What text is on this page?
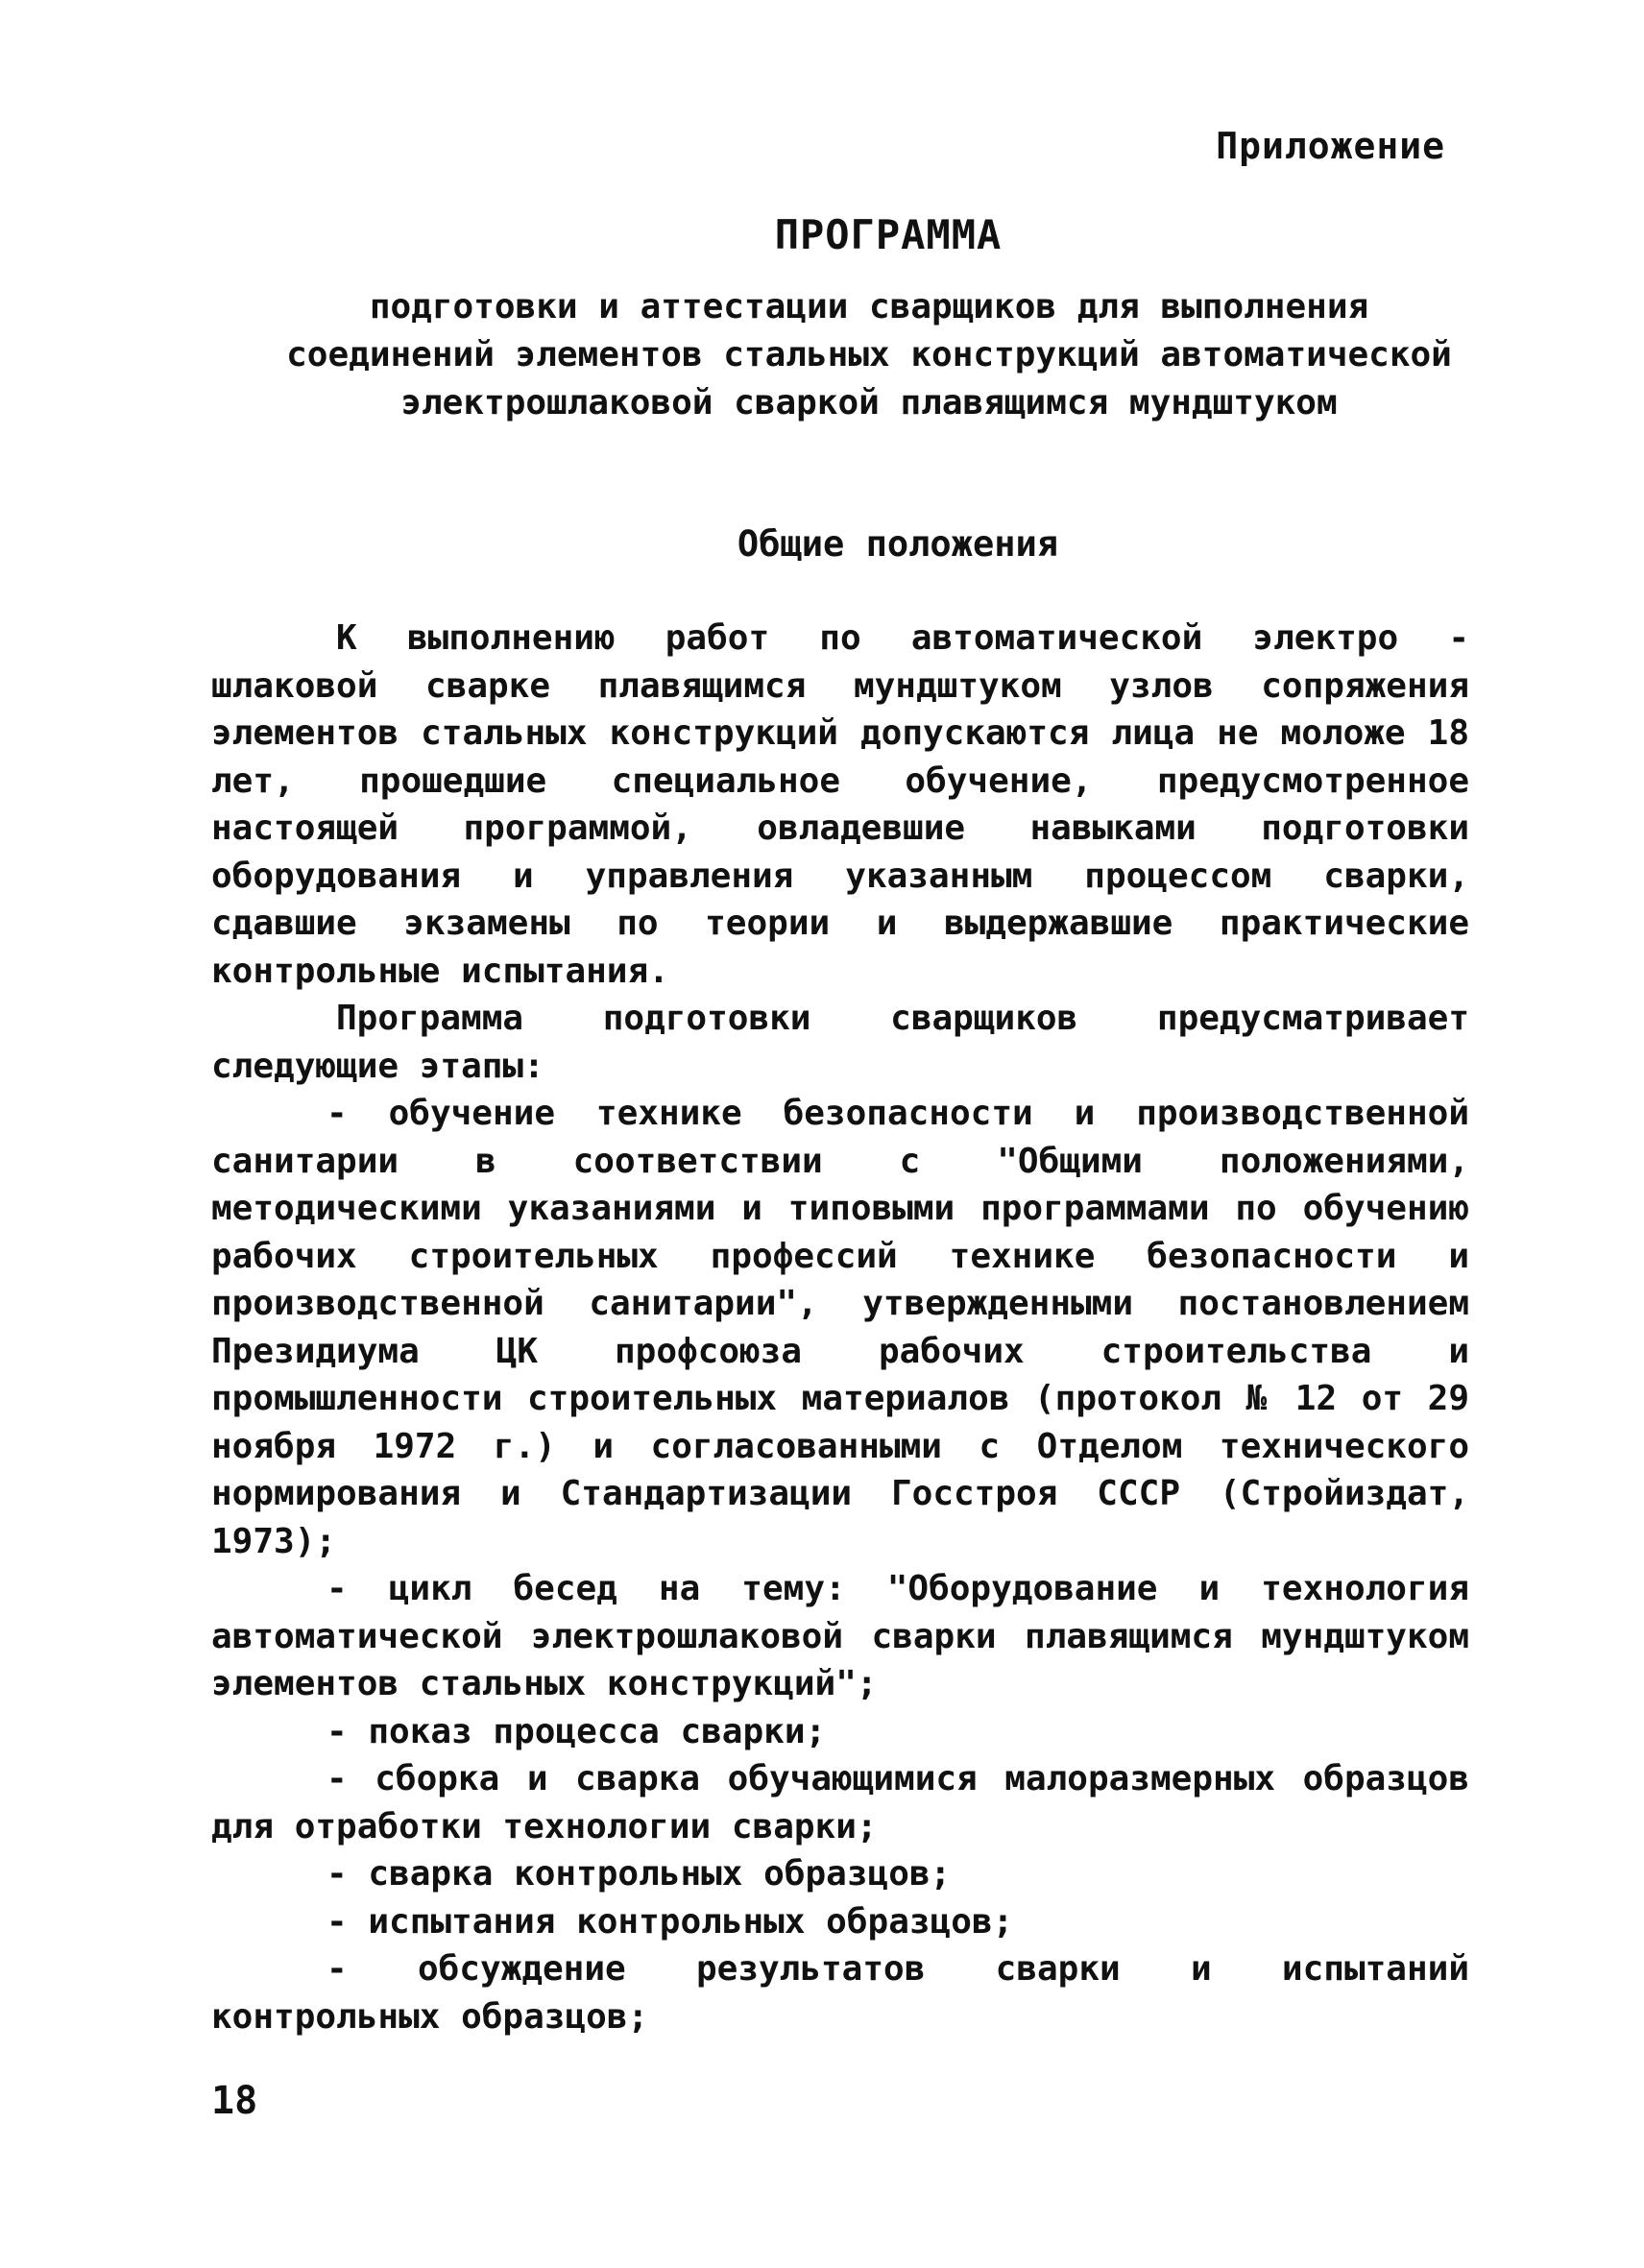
Приложение
ПРОГРАММА
подготовки и аттестации сварщиков для выполнения соединений элементов стальных конструкций автоматической электрошлаковой сваркой плавящимся мундштуком
Общие положения

К выполнению работ по автоматической электро - шлаковой сварке плавящимся мундштуком узлов сопряжения элементов стальных конструкций допускаются лица не моложе 18 лет, прошедшие специальное обучение, предусмотренное настоящей программой, овладевшие навыками подготовки оборудования и управления указанным процессом сварки, сдавшие экзамены по теории и выдержавшие практические контрольные испытания.

Программа подготовки сварщиков предусматривает следующие этапы:

- обучение технике безопасности и производственной санитарии в соответствии с "Общими положениями, методическими указаниями и типовыми программами по обучению рабочих строительных профессий технике безопасности и производственной санитарии", утвержденными постановлением Президиума ЦК профсоюза рабочих строительства и промышленности строительных материалов (протокол № 12 от 29 ноября 1972 г.) и согласованными с Отделом технического нормирования и Стандартизации Госстроя СССР (Стройиздат, 1973);

- цикл бесед на тему: "Оборудование и технология автоматической электрошлаковой сварки плавящимся мундштуком элементов стальных конструкций";

- показ процесса сварки;

- сборка и сварка обучающимися малоразмерных образцов для отработки технологии сварки;

- сварка контрольных образцов;

- испытания контрольных образцов;

- обсуждение результатов сварки и испытаний контрольных образцов;

18
